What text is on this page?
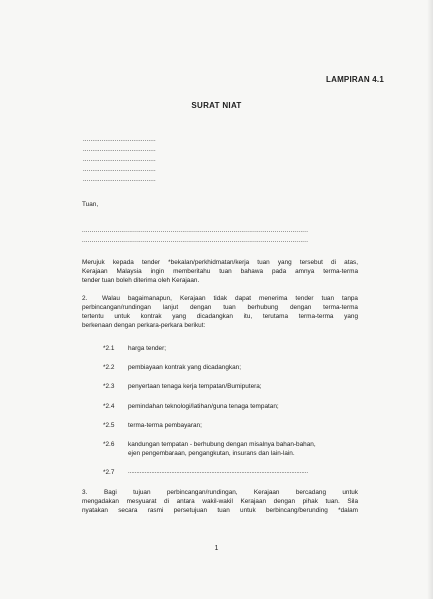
LAMPIRAN 4.1
SURAT NIAT
.......................................
.......................................
.......................................
.......................................
.......................................
Tuan,
...................................................................................................................
...................................................................................................................
Merujuk kepada tender *bekalan/perkhidmatan/kerja tuan yang tersebut di atas,
Kerajaan Malaysia ingin memberitahu tuan bahawa pada amnya terma-terma
tender tuan boleh diterima oleh Kerajaan.
2. Walau bagaimanapun, Kerajaan tidak dapat menerima tender tuan tanpa
perbincangan/rundingan lanjut dengan tuan berhubung dengan terma-terma
tertentu untuk kontrak yang dicadangkan itu, terutama terma-terma yang
berkenaan dengan perkara-perkara berikut:
*2.1	harga tender;
*2.2	pembiayaan kontrak yang dicadangkan;
*2.3	penyertaan tenaga kerja tempatan/Bumiputera;
*2.4	pemindahan teknologi/latihan/guna tenaga tempatan;
*2.5	terma-terma pembayaran;
*2.6	kandungan tempatan - berhubung dengan misalnya bahan-bahan,
ejen pengembaraan, pengangkutan, insurans dan lain-lain.
*2.7	............................................................................................................
3.	Bagi tujuan perbincangan/rundingan, Kerajaan bercadang untuk
mengadakan mesyuarat di antara wakil-wakil Kerajaan dengan pihak tuan. Sila
nyatakan secara rasmi persetujuan tuan untuk berbincang/berunding *dalam
1
